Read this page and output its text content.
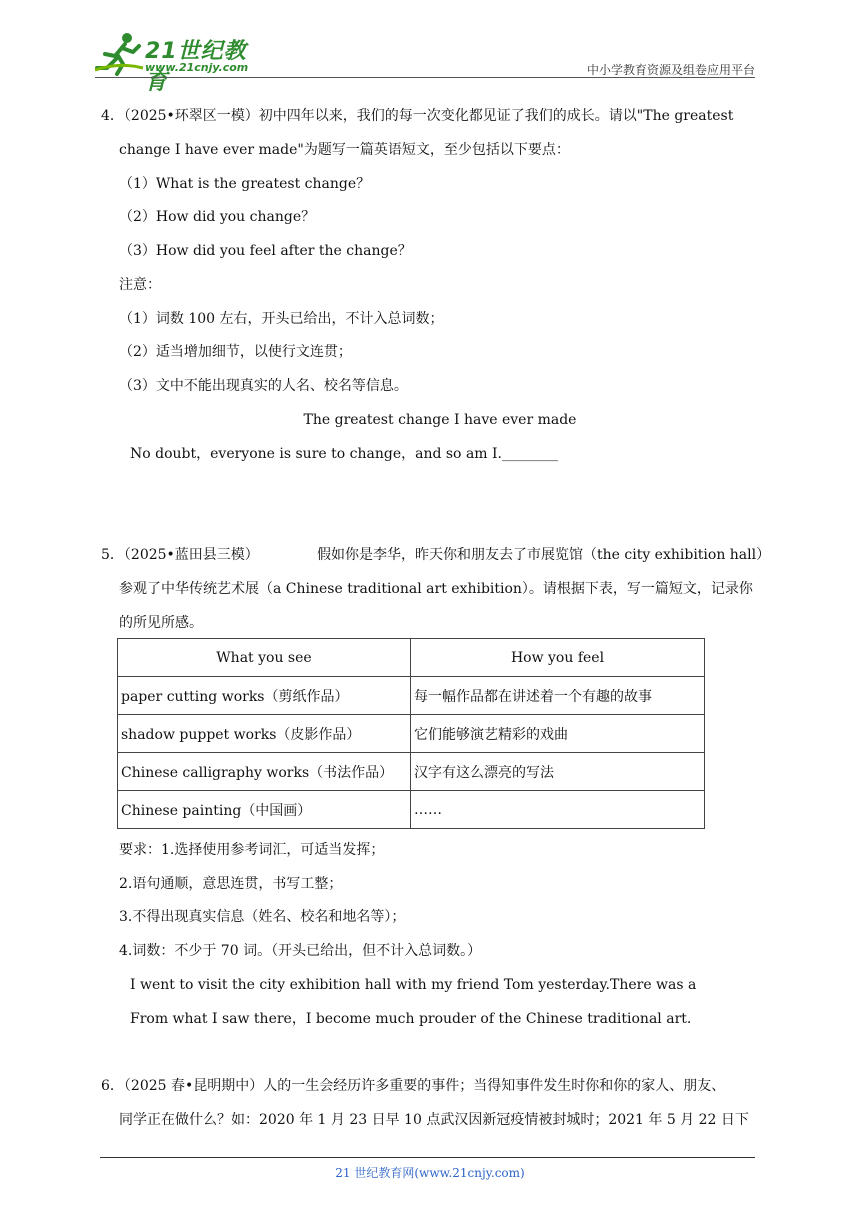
21世纪教育
www.21cnjy.com	中小学教育资源及组卷应用平台
4．（2025•环翠区一模）初中四年以来，我们的每一次变化都见证了我们的成长。请以"The greatest
change I have ever made"为题写一篇英语短文，至少包括以下要点：
（1）What is the greatest change？
（2）How did you change？
（3）How did you feel after the change？
注意：
（1）词数 100 左右，开头已给出，不计入总词数；
（2）适当增加细节，以使行文连贯；
（3）文中不能出现真实的人名、校名等信息。
The greatest change I have ever made
No doubt，everyone is sure to change，and so am I.________
5．（2025•蓝田县三模）	假如你是李华，昨天你和朋友去了市展览馆（the city exhibition hall）
参观了中华传统艺术展（a Chinese traditional art exhibition）。请根据下表，写一篇短文，记录你
的所见所感。
What you see	How you feel
paper cutting works（剪纸作品）	每一幅作品都在讲述着一个有趣的故事
shadow puppet works（皮影作品）	它们能够演艺精彩的戏曲
Chinese calligraphy works（书法作品）	汉字有这么漂亮的写法
Chinese painting（中国画）	……
要求：1.选择使用参考词汇，可适当发挥；
2.语句通顺，意思连贯，书写工整；
3.不得出现真实信息（姓名、校名和地名等）；
4.词数：不少于 70 词。（开头已给出，但不计入总词数。）
I went to visit the city exhibition hall with my friend Tom yesterday.There was a
From what I saw there，I become much prouder of the Chinese traditional art.
6．（2025 春•昆明期中）人的一生会经历许多重要的事件；当得知事件发生时你和你的家人、朋友、
同学正在做什么？如：2020 年 1 月 23 日早 10 点武汉因新冠疫情被封城时；2021 年 5 月 22 日下
21 世纪教育网(www.21cnjy.com)
